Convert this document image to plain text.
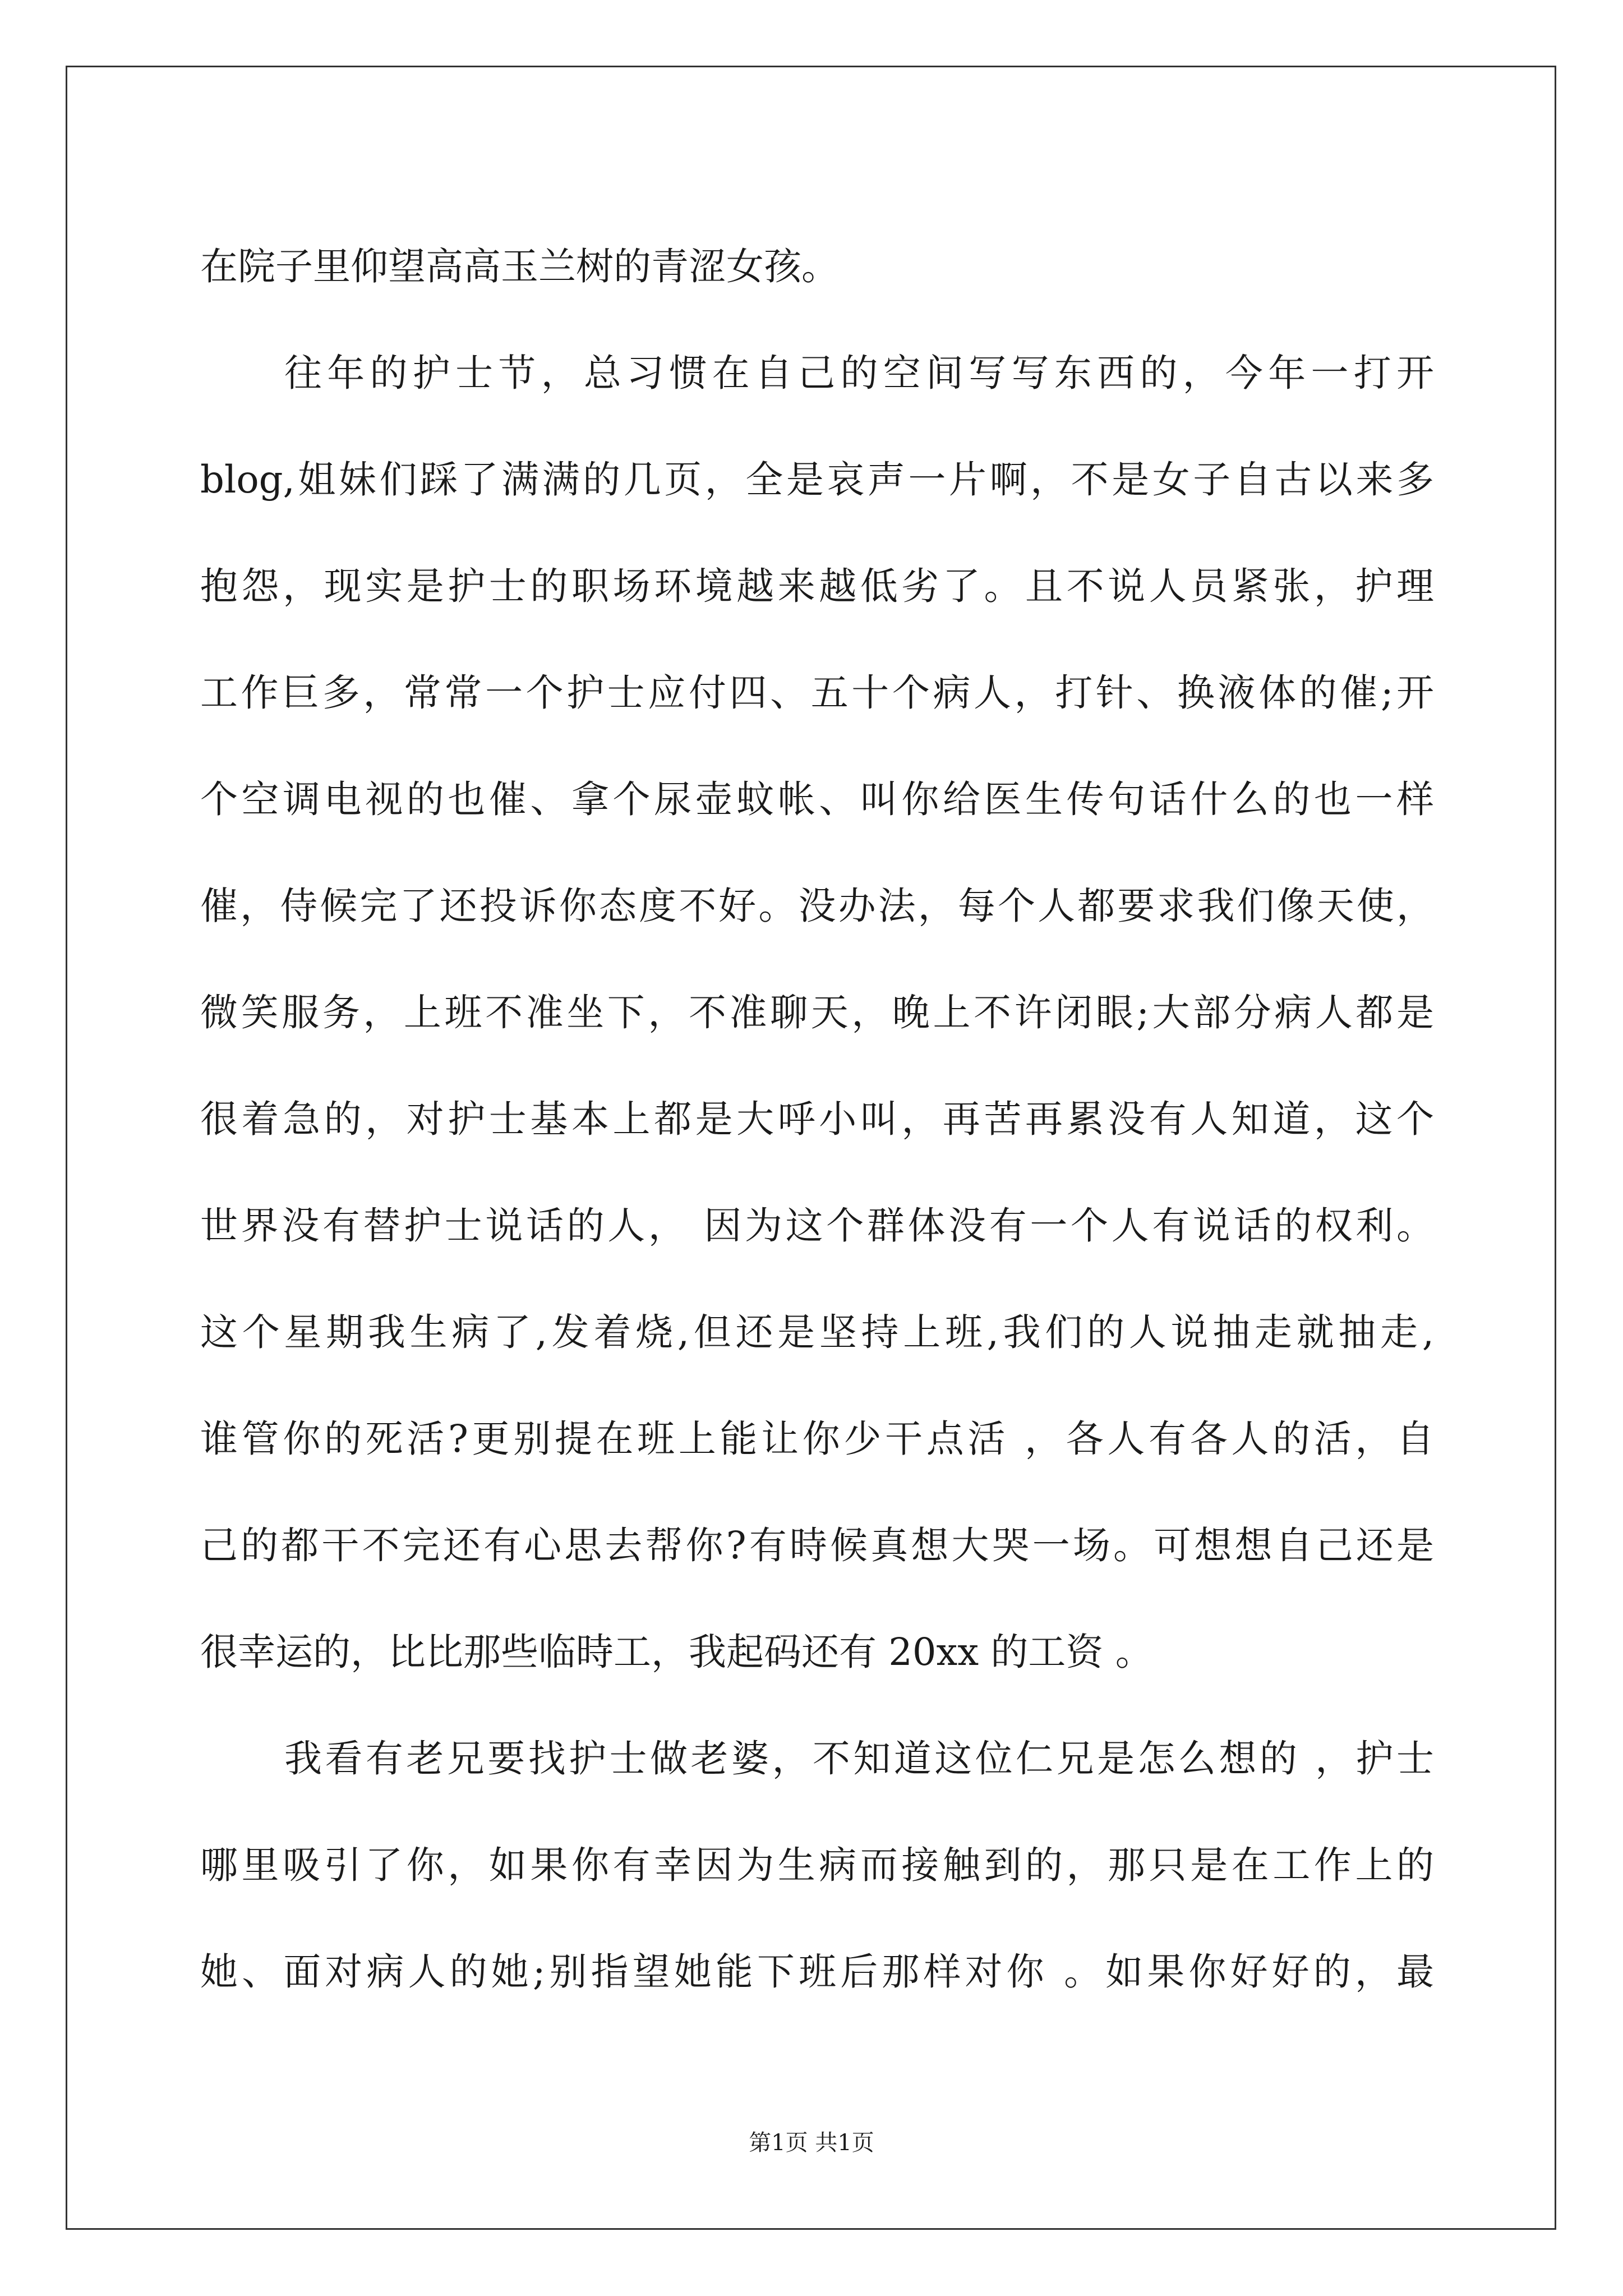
在院子里仰望高高玉兰树的青涩女孩。
往年的护士节，总习惯在自己的空间写写东西的，今年一打开
blog,姐妹们踩了满满的几页，全是哀声一片啊，不是女子自古以来多
抱怨，现实是护士的职场环境越来越低劣了。且不说人员紧张，护理
工作巨多，常常一个护士应付四、五十个病人，打针、换液体的催;开
个空调电视的也催、拿个尿壶蚊帐、叫你给医生传句话什么的也一样
催，侍候完了还投诉你态度不好。没办法，每个人都要求我们像天使，
微笑服务，上班不准坐下，不准聊天，晚上不许闭眼;大部分病人都是
很着急的，对护士基本上都是大呼小叫，再苦再累没有人知道，这个
世界没有替护士说话的人， 因为这个群体没有一个人有说话的权利。
这个星期我生病了,发着烧,但还是坚持上班,我们的人说抽走就抽走,
谁管你的死活?更别提在班上能让你少干点活 ，各人有各人的活，自
己的都干不完还有心思去帮你?有時候真想大哭一场。可想想自己还是
很幸运的，比比那些临時工，我起码还有 20xx 的工资 。
我看有老兄要找护士做老婆，不知道这位仁兄是怎么想的 ，护士
哪里吸引了你，如果你有幸因为生病而接触到的，那只是在工作上的
她、面对病人的她;别指望她能下班后那样对你 。如果你好好的，最
第1页 共1页
